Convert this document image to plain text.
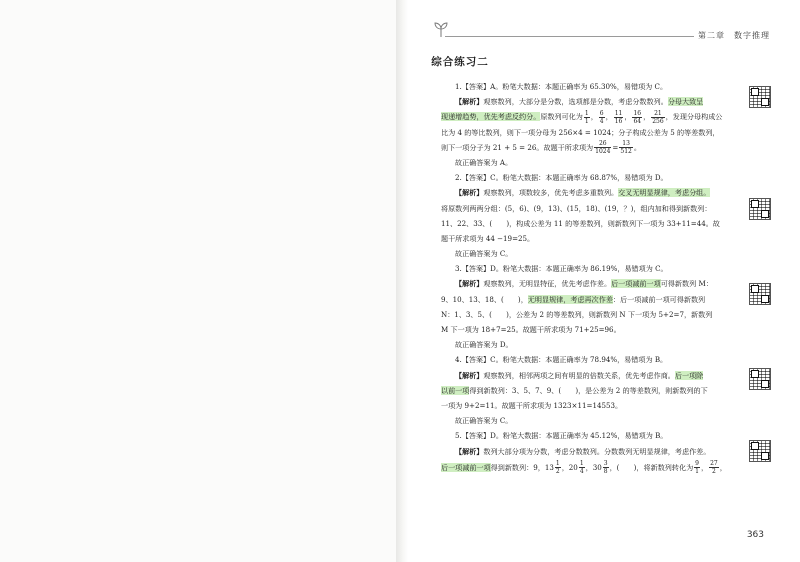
第二章　数字推理
综合练习二
1.【答案】A。粉笔大数据：本题正确率为 65.30%，易错项为 C。
【解析】观察数列，大部分是分数，选项都是分数，考虑分数数列。分母大致呈
现递增趋势，优先考虑反约分。原数列可化为 $\frac{1}{1}$ ， $\frac{6}{4}$ ， $\frac{11}{16}$ ， $\frac{16}{64}$ ， $\frac{21}{256}$ ，发现分母构成公
比为 4 的等比数列，则下一项分母为 256×4 = 1024；分子构成公差为 5 的等差数列，
则下一项分子为 21 + 5 = 26。故题干所求项为 $\frac{26}{1024} = \frac{13}{512}$ 。
故正确答案为 A。
2.【答案】C。粉笔大数据：本题正确率为 68.87%，易错项为 D。
【解析】观察数列，项数较多，优先考虑多重数列。交叉无明显规律，考虑分组。
将原数列两两分组：(5，6)、(9，13)、(15，18)、(19，？)，组内加和得到新数列：
11、22、33、(　　)，构成公差为 11 的等差数列，则新数列下一项为 33+11=44。故
题干所求项为 44 −19=25。
故正确答案为 C。
3.【答案】D。粉笔大数据：本题正确率为 86.19%，易错项为 C。
【解析】观察数列，无明显特征，优先考虑作差。后一项减前一项可得新数列 M：
9、10、13、18、(　　)，无明显规律，考虑再次作差：后一项减前一项可得新数列
N：1、3、5、(　　)，公差为 2 的等差数列，则新数列 N 下一项为 5+2=7，新数列
M 下一项为 18+7=25。故题干所求项为 71+25=96。
故正确答案为 D。
4.【答案】C。粉笔大数据：本题正确率为 78.94%，易错项为 B。
【解析】观察数列，相邻两项之间有明显的倍数关系，优先考虑作商。后一项除
以前一项得到新数列：3、5、7、9、(　　)，是公差为 2 的等差数列，则新数列的下
一项为 9+2=11。故题干所求项为 1323×11=14553。
故正确答案为 C。
5.【答案】D。粉笔大数据：本题正确率为 45.12%，易错项为 B。
【解析】数列大部分项为分数，考虑分数数列。分数数列无明显规律，考虑作差。
后一项减前一项得到新数列：9，$13 \frac{1}{2}$ ，$20 \frac{1}{4}$ ，$30 \frac{3}{8}$ ，(　　)，将新数列转化为 $\frac{9}{1}$ ， $\frac{27}{2}$ ，
363
